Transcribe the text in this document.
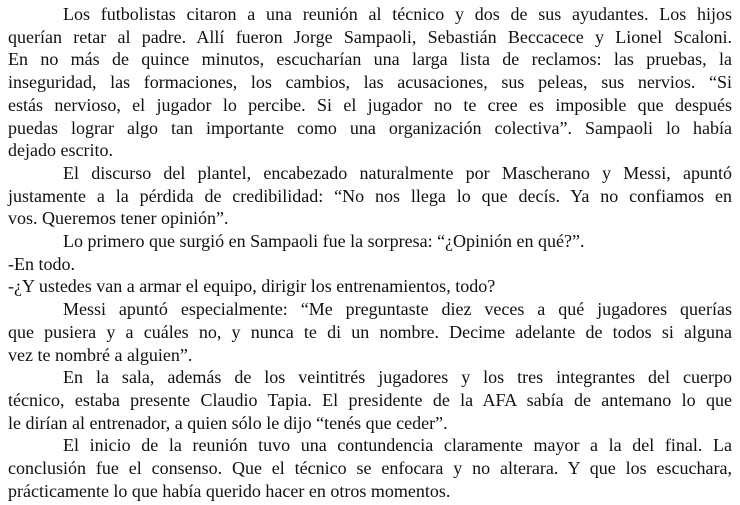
Los futbolistas citaron a una reunión al técnico y dos de sus ayudantes. Los hijos
querían retar al padre. Allí fueron Jorge Sampaoli, Sebastián Beccacece y Lionel Scaloni.
En no más de quince minutos, escucharían una larga lista de reclamos: las pruebas, la
inseguridad, las formaciones, los cambios, las acusaciones, sus peleas, sus nervios. “Si
estás nervioso, el jugador lo percibe. Si el jugador no te cree es imposible que después
puedas lograr algo tan importante como una organización colectiva”. Sampaoli lo había
dejado escrito.

El discurso del plantel, encabezado naturalmente por Mascherano y Messi, apuntó
justamente a la pérdida de credibilidad: “No nos llega lo que decís. Ya no confiamos en
vos. Queremos tener opinión”.

Lo primero que surgió en Sampaoli fue la sorpresa: “¿Opinión en qué?”.

-En todo.

-¿Y ustedes van a armar el equipo, dirigir los entrenamientos, todo?

Messi apuntó especialmente: “Me preguntaste diez veces a qué jugadores querías
que pusiera y a cuáles no, y nunca te di un nombre. Decime adelante de todos si alguna
vez te nombré a alguien”.

En la sala, además de los veintitrés jugadores y los tres integrantes del cuerpo
técnico, estaba presente Claudio Tapia. El presidente de la AFA sabía de antemano lo que
le dirían al entrenador, a quien sólo le dijo “tenés que ceder”.

El inicio de la reunión tuvo una contundencia claramente mayor a la del final. La
conclusión fue el consenso. Que el técnico se enfocara y no alterara. Y que los escuchara,
prácticamente lo que había querido hacer en otros momentos.
